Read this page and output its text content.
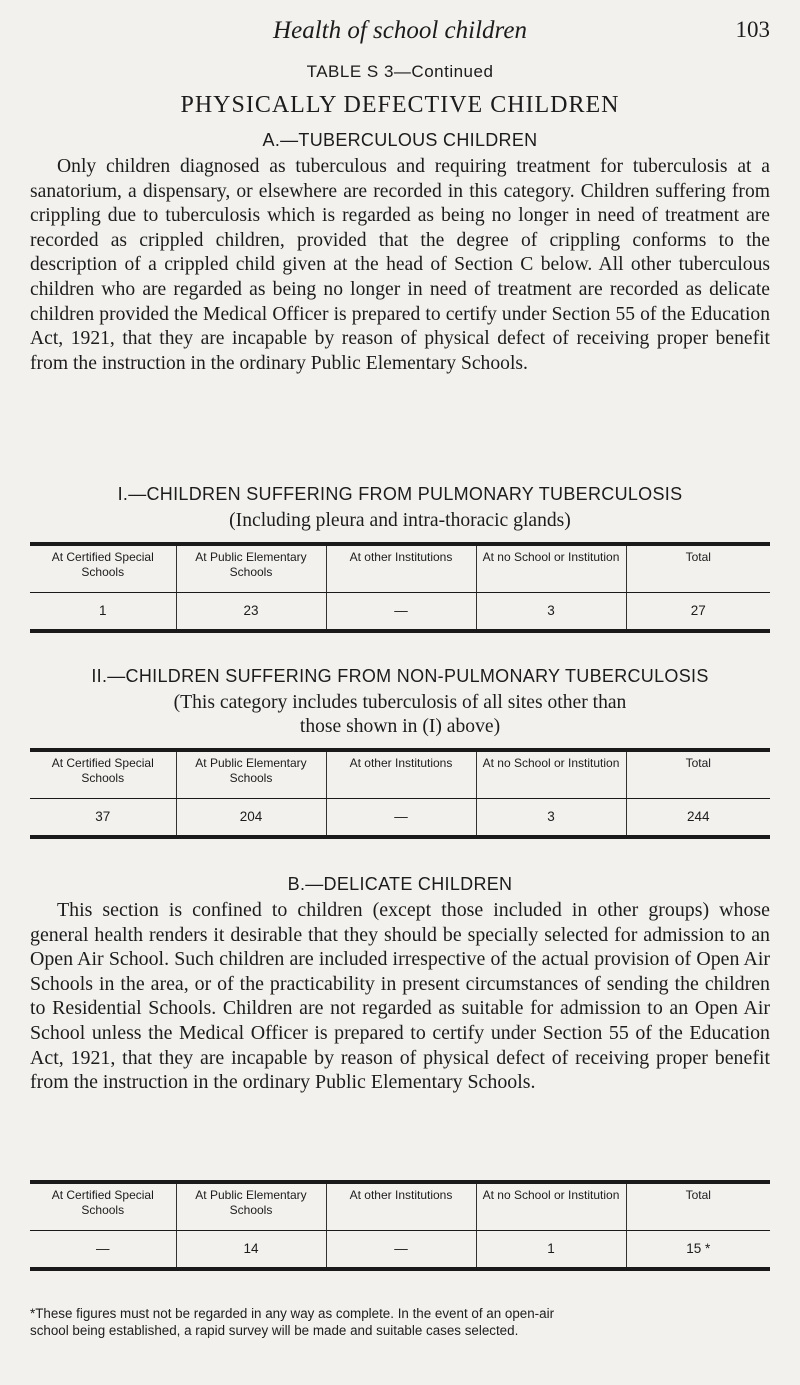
Health of school children	103
TABLE S 3—Continued
PHYSICALLY DEFECTIVE CHILDREN
A.—TUBERCULOUS CHILDREN

Only children diagnosed as tuberculous and requiring treatment for tuberculosis at a sanatorium, a dispensary, or elsewhere are recorded in this category. Children suffering from crippling due to tuberculosis which is regarded as being no longer in need of treatment are recorded as crippled children, provided that the degree of crippling conforms to the description of a crippled child given at the head of Section C below. All other tuberculous children who are regarded as being no longer in need of treatment are recorded as delicate children provided the Medical Officer is prepared to certify under Section 55 of the Education Act, 1921, that they are incapable by reason of physical defect of receiving proper benefit from the instruction in the ordinary Public Elementary Schools.

I.—CHILDREN SUFFERING FROM PULMONARY TUBERCULOSIS
(Including pleura and intra-thoracic glands)
At Certified Special Schools	At Public Elementary Schools	At other Institutions	At no School or Institution	Total
1	23	—	3	27
II.—CHILDREN SUFFERING FROM NON-PULMONARY TUBERCULOSIS
(This category includes tuberculosis of all sites other than
those shown in (I) above)
At Certified Special Schools	At Public Elementary Schools	At other Institutions	At no School or Institution	Total
37	204	—	3	244
B.—DELICATE CHILDREN

This section is confined to children (except those included in other groups) whose general health renders it desirable that they should be specially selected for admission to an Open Air School. Such children are included irrespective of the actual provision of Open Air Schools in the area, or of the practicability in present circumstances of sending the children to Residential Schools. Children are not regarded as suitable for admission to an Open Air School unless the Medical Officer is prepared to certify under Section 55 of the Education Act, 1921, that they are incapable by reason of physical defect of receiving proper benefit from the instruction in the ordinary Public Elementary Schools.

At Certified Special Schools	At Public Elementary Schools	At other Institutions	At no School or Institution	Total
—	14	—	1	15 *

*These figures must not be regarded in any way as complete. In the event of an open-air
school being established, a rapid survey will be made and suitable cases selected.
